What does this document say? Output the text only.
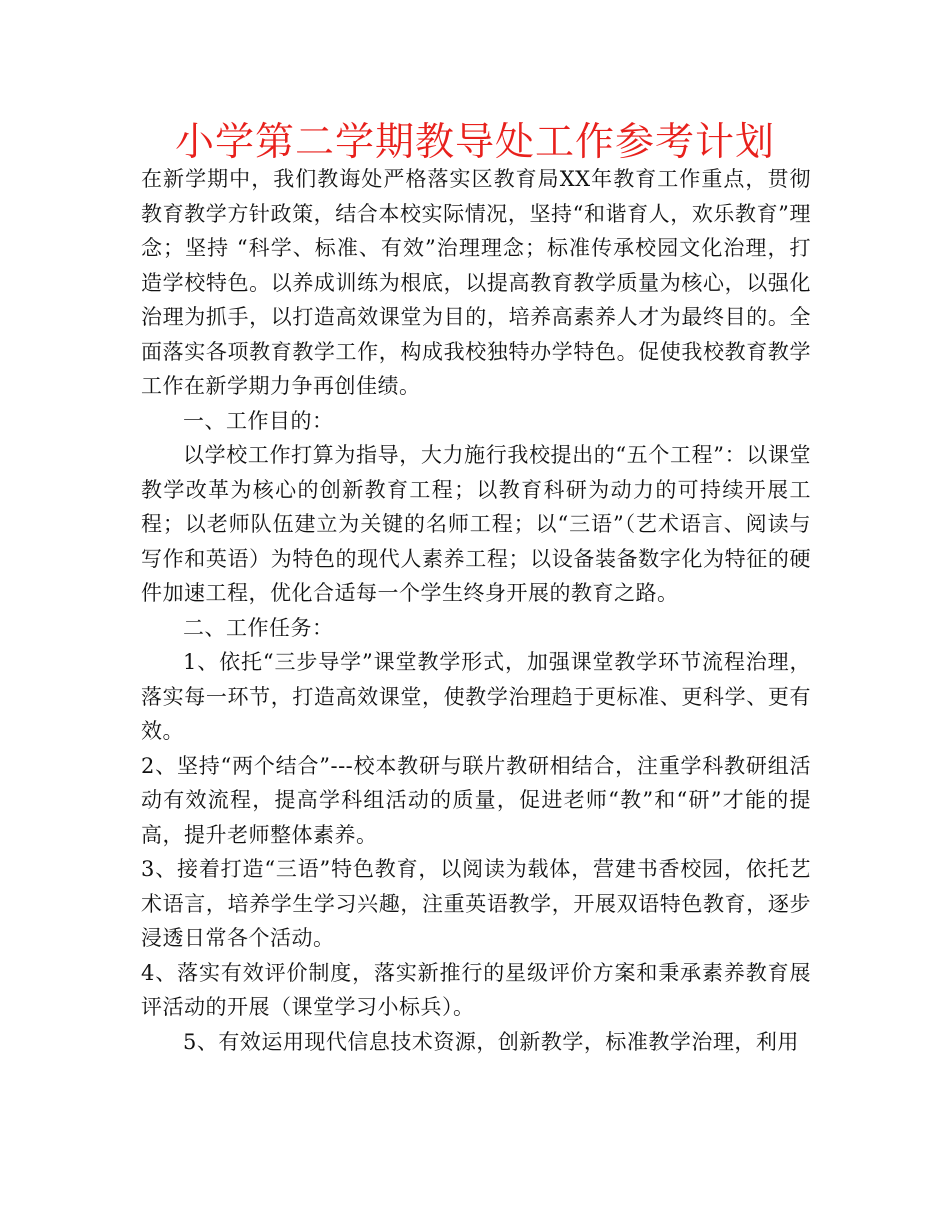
小学第二学期教导处工作参考计划

在新学期中，我们教诲处严格落实区教育局XX年教育工作重点，贯彻教育教学方针政策，结合本校实际情况，坚持“和谐育人，欢乐教育”理念；坚持 “科学、标准、有效”治理理念；标准传承校园文化治理，打造学校特色。以养成训练为根底，以提高教育教学质量为核心，以强化治理为抓手，以打造高效课堂为目的，培养高素养人才为最终目的。全面落实各项教育教学工作，构成我校独特办学特色。促使我校教育教学工作在新学期力争再创佳绩。

一、工作目的：

以学校工作打算为指导，大力施行我校提出的“五个工程”：以课堂教学改革为核心的创新教育工程；以教育科研为动力的可持续开展工程；以老师队伍建立为关键的名师工程；以“三语”（艺术语言、阅读与写作和英语）为特色的现代人素养工程；以设备装备数字化为特征的硬件加速工程，优化合适每一个学生终身开展的教育之路。

二、工作任务：

1、依托“三步导学”课堂教学形式，加强课堂教学环节流程治理，落实每一环节，打造高效课堂，使教学治理趋于更标准、更科学、更有效。

2、坚持“两个结合”---校本教研与联片教研相结合，注重学科教研组活动有效流程，提高学科组活动的质量，促进老师“教”和“研”才能的提高，提升老师整体素养。

3、接着打造“三语”特色教育，以阅读为载体，营建书香校园，依托艺术语言，培养学生学习兴趣，注重英语教学，开展双语特色教育，逐步浸透日常各个活动。

4、落实有效评价制度，落实新推行的星级评价方案和秉承素养教育展评活动的开展（课堂学习小标兵）。

5、有效运用现代信息技术资源，创新教学，标准教学治理，利用
